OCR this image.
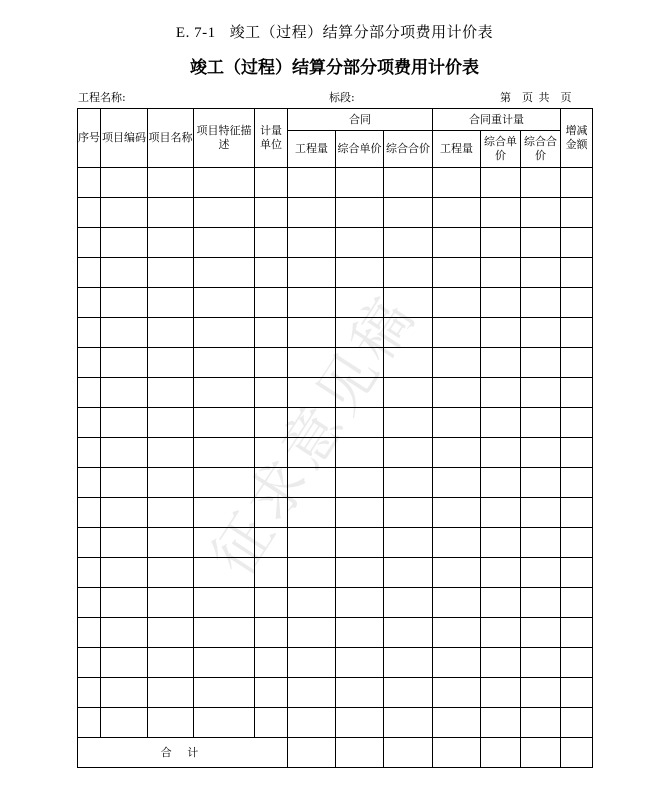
E. 7-1 竣工（过程）结算分部分项费用计价表
竣工（过程）结算分部分项费用计价表
工程名称:	标段:	第　页 共　页
序号	项目编码	项目名称	项目特征描述	计量单位	合同			合同重计量			增减金额
					工程量	综合单价	综合合价	工程量	综合单价	综合合价	

合 计											
征求意见稿
